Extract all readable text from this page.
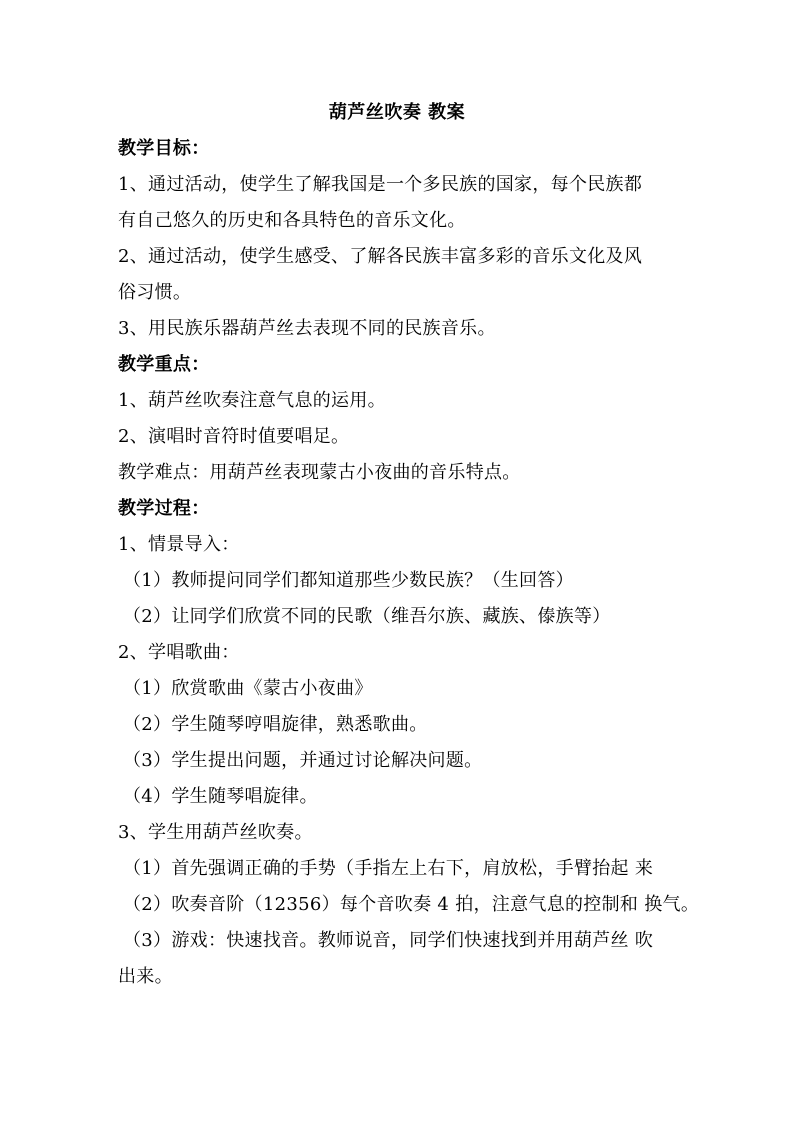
葫芦丝吹奏 教案
教学目标：
1、通过活动，使学生了解我国是一个多民族的国家，每个民族都
有自己悠久的历史和各具特色的音乐文化。
2、通过活动，使学生感受、了解各民族丰富多彩的音乐文化及风
俗习惯。
3、用民族乐器葫芦丝去表现不同的民族音乐。
教学重点：
1、葫芦丝吹奏注意气息的运用。
2、演唱时音符时值要唱足。
教学难点：用葫芦丝表现蒙古小夜曲的音乐特点。
教学过程：
1、情景导入：
（1）教师提问同学们都知道那些少数民族？（生回答）
（2）让同学们欣赏不同的民歌（维吾尔族、藏族、傣族等）
2、学唱歌曲：
（1）欣赏歌曲《蒙古小夜曲》
（2）学生随琴哼唱旋律，熟悉歌曲。
（3）学生提出问题，并通过讨论解决问题。
（4）学生随琴唱旋律。
3、学生用葫芦丝吹奏。
（1）首先强调正确的手势（手指左上右下，肩放松，手臂抬起 来
（2）吹奏音阶（12356）每个音吹奏 4 拍，注意气息的控制和 换气。
（3）游戏：快速找音。教师说音，同学们快速找到并用葫芦丝 吹
出来。
